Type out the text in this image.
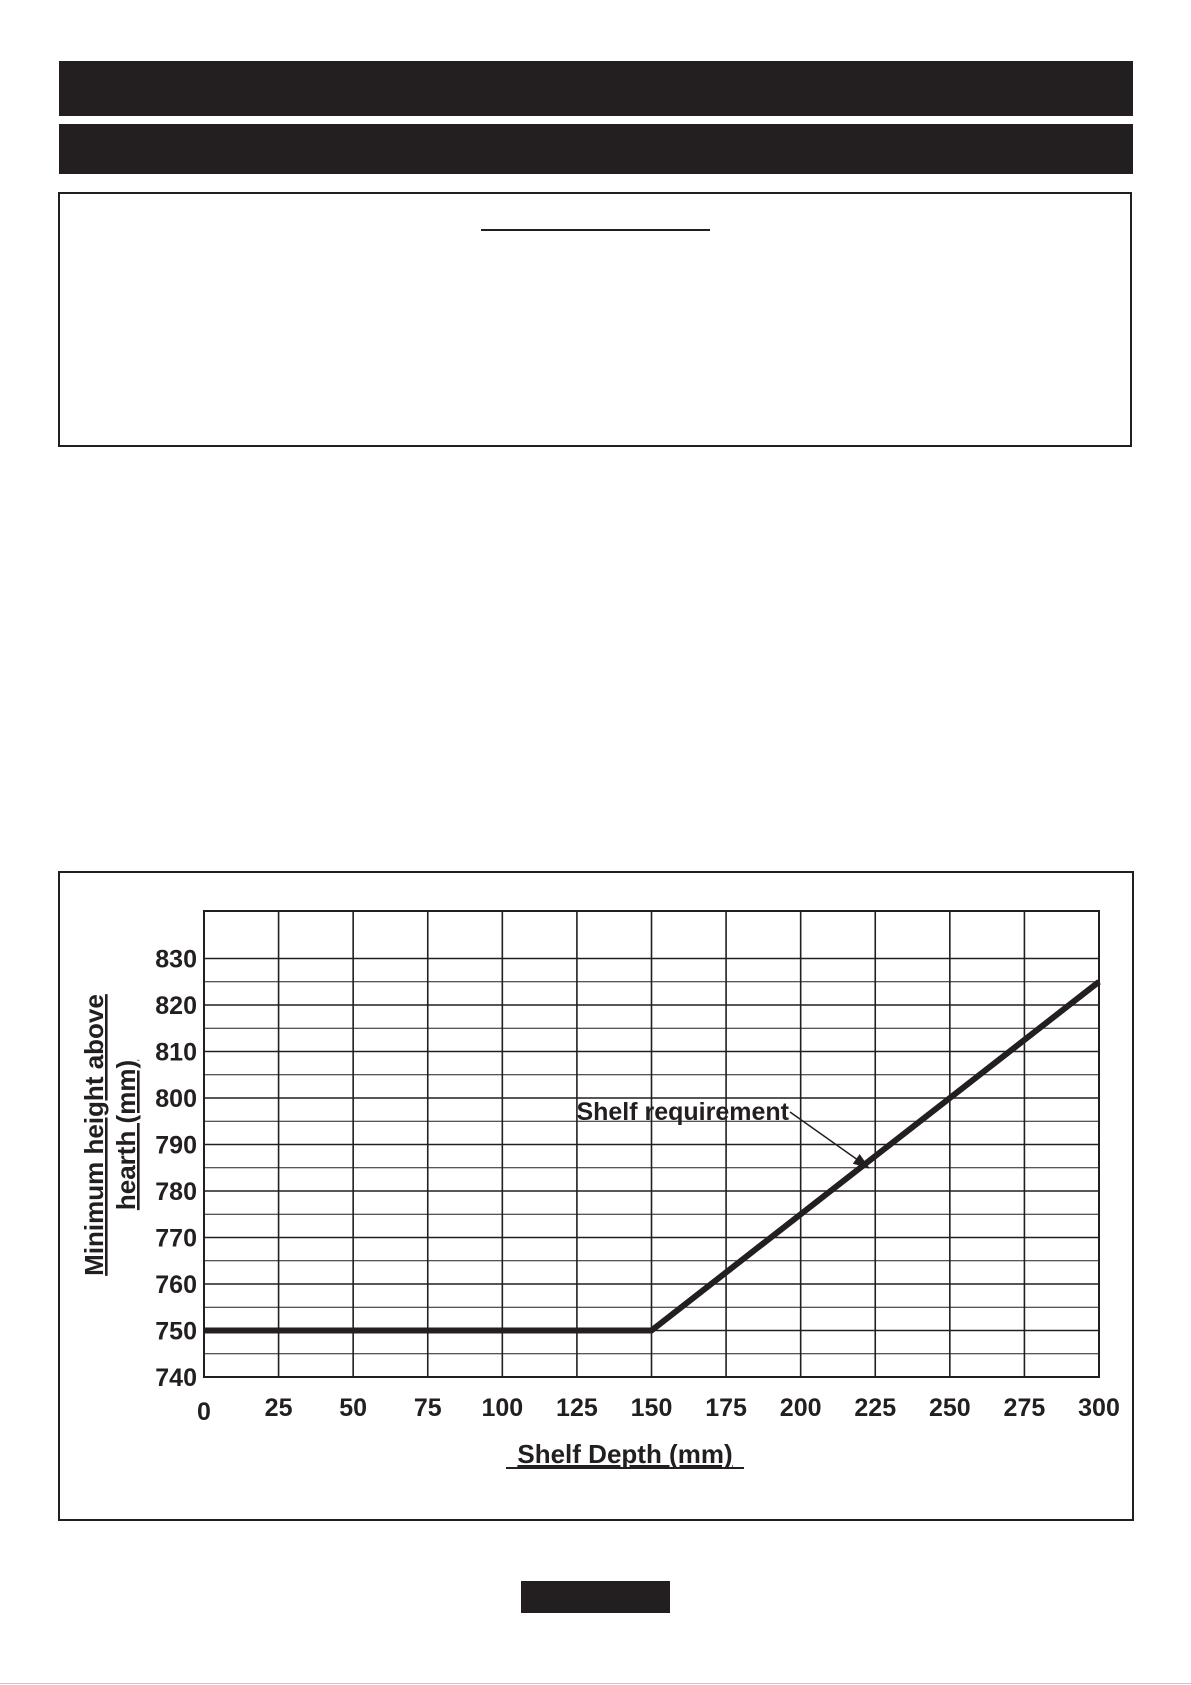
740
750
760
770
780
790
800
810
820
830
0 25 50 75 100 125 150 175 200 225 250 275 300
Shelf requirement
Shelf Depth (mm)
Minimum height above hearth (mm)
